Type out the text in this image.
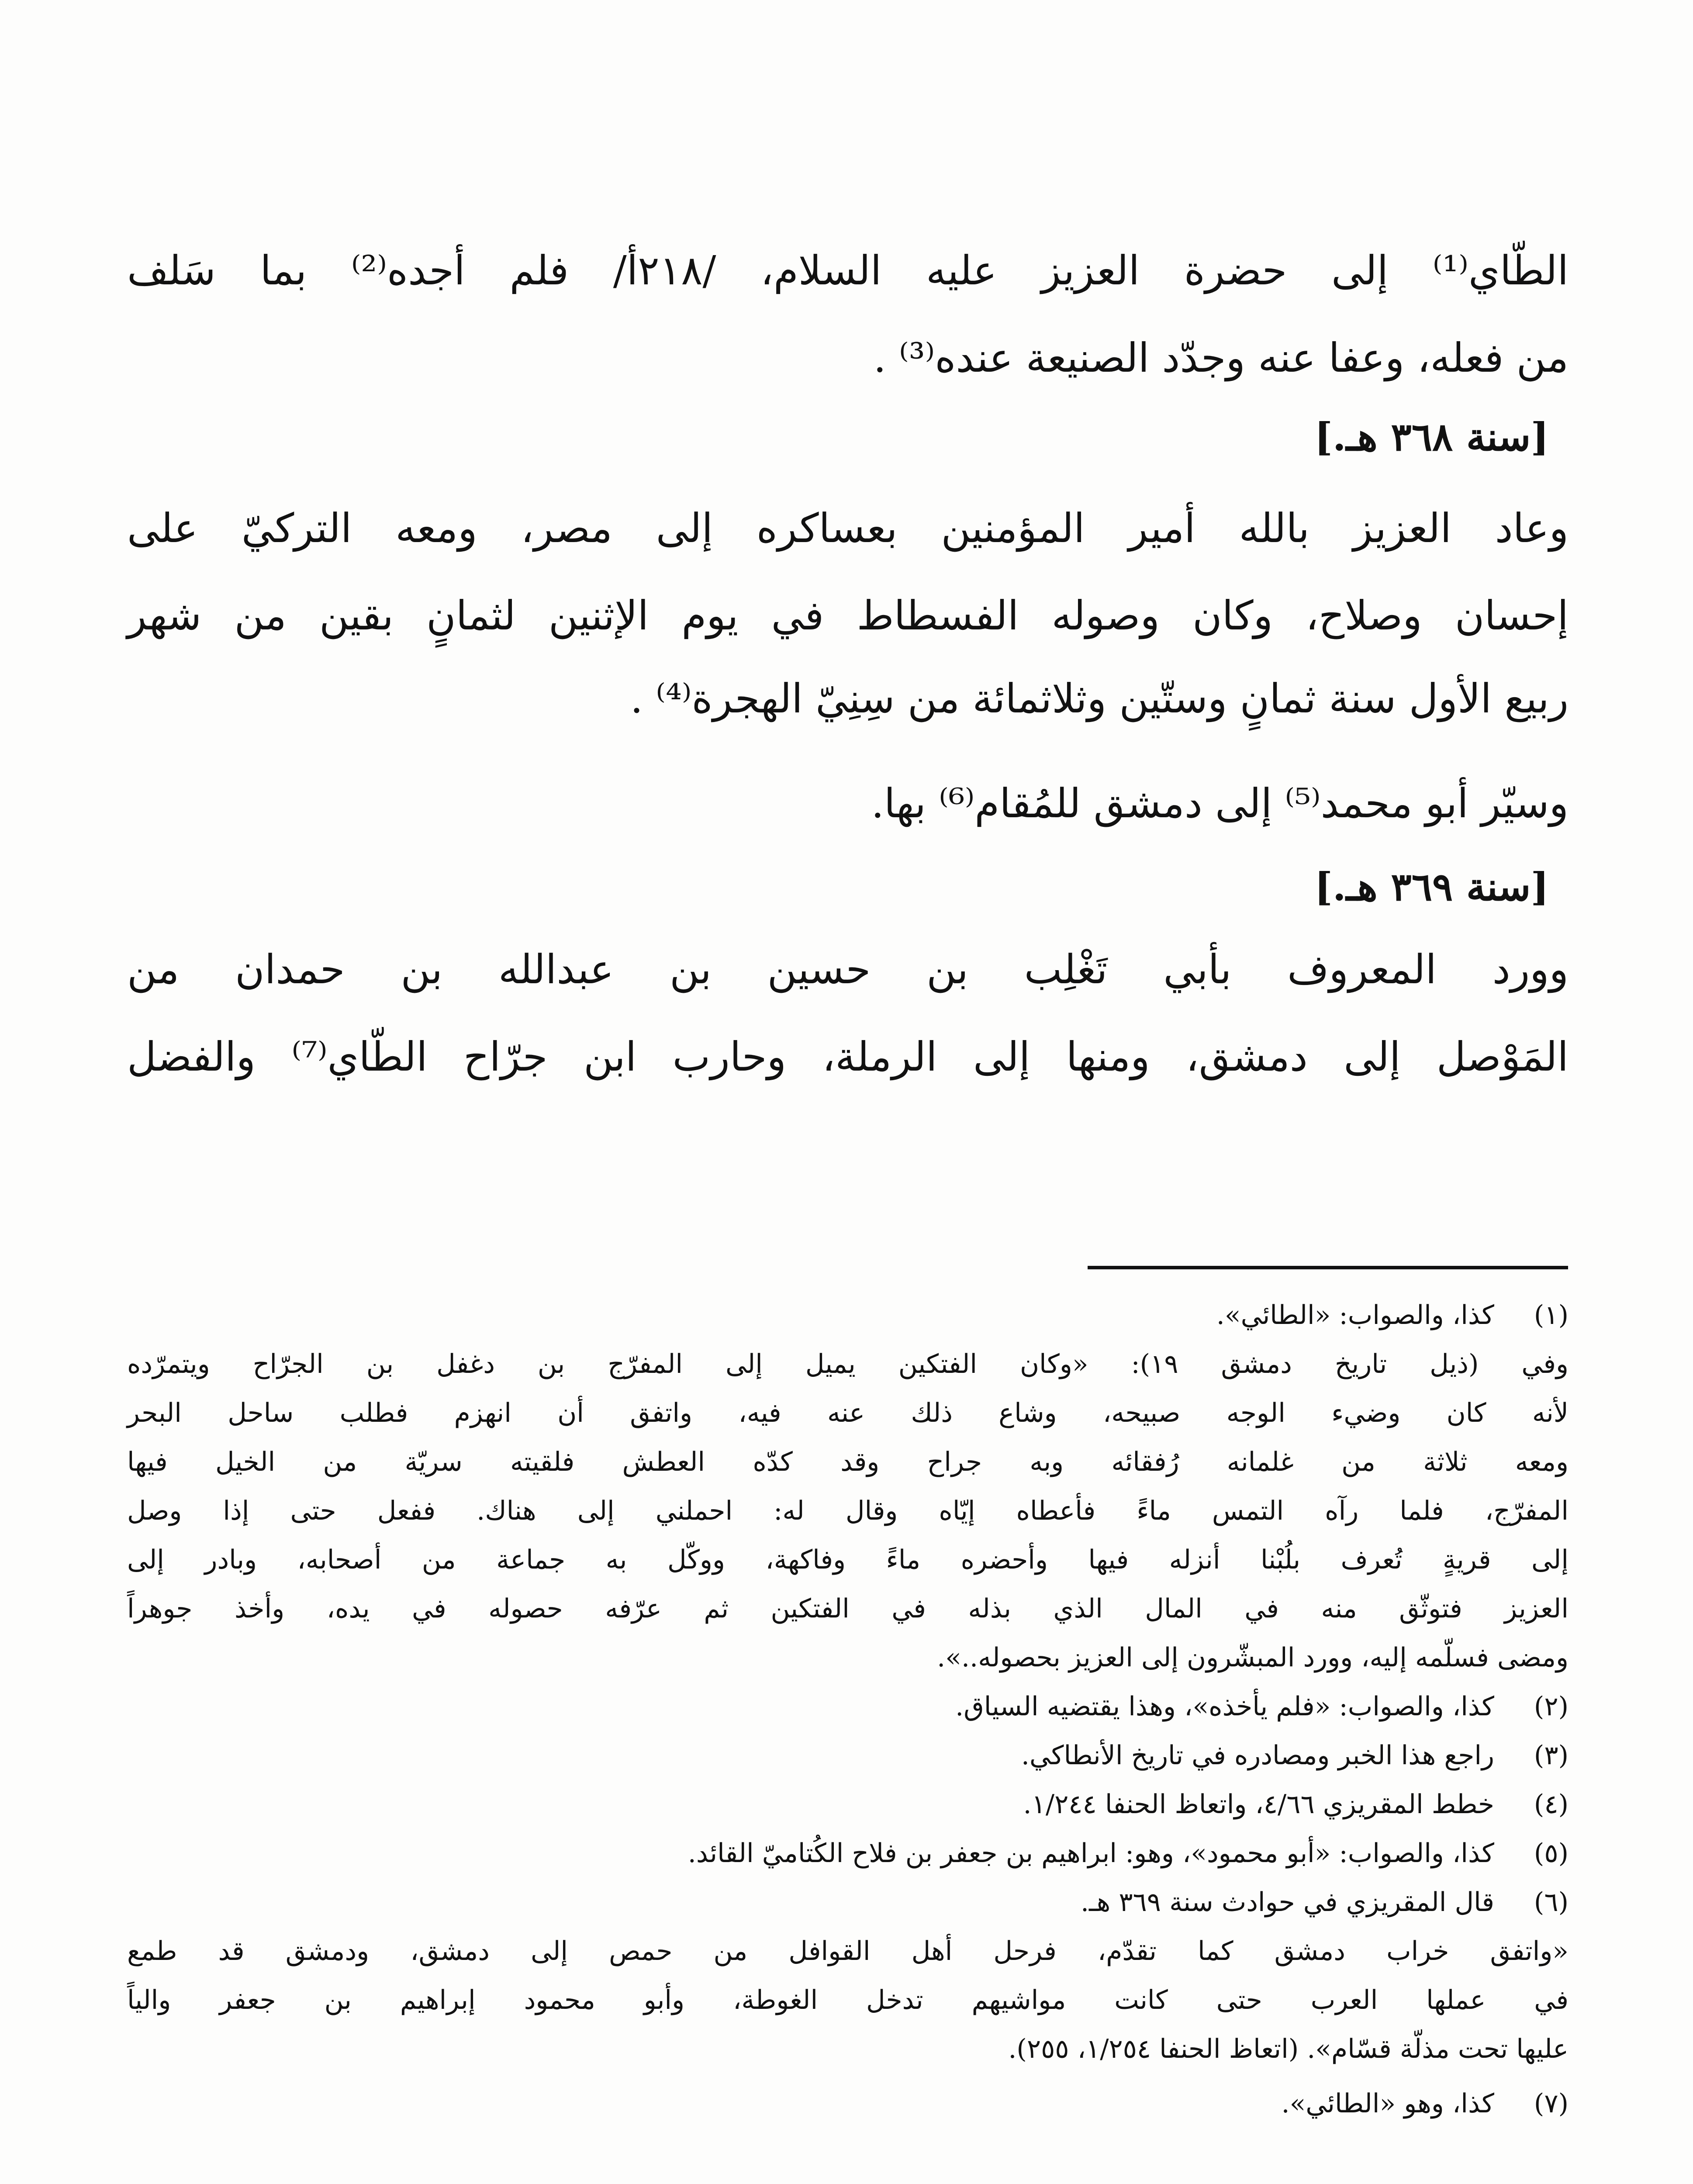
الطّاي⁽¹⁾ إلى حضرة العزيز عليه السلام، /٢١٨أ/ فلم أجده⁽²⁾ بما سَلف
من فعله، وعفا عنه وجدّد الصنيعة عنده⁽³⁾ .
[سنة ٣٦٨ هـ.]
وعاد العزيز بالله أمير المؤمنين بعساكره إلى مصر، ومعه التركيّ على
إحسان وصلاح، وكان وصوله الفسطاط في يوم الإثنين لثمانٍ بقين من شهر
ربيع الأول سنة ثمانٍ وستّين وثلاثمائة من سِنِيّ الهجرة⁽⁴⁾ .
وسيّر أبو محمد⁽⁵⁾ إلى دمشق للمُقام⁽⁶⁾ بها.
[سنة ٣٦٩ هـ.]
وورد المعروف بأبي تَغْلِب بن حسين بن عبدالله بن حمدان من
المَوْصل إلى دمشق، ومنها إلى الرملة، وحارب ابن جرّاح الطّاي⁽⁷⁾ والفضل
(١)
كذا، والصواب: «الطائي».
وفي (ذيل تاريخ دمشق ١٩): «وكان الفتكين يميل إلى المفرّج بن دغفل بن الجرّاح ويتمرّده
لأنه كان وضيء الوجه صبيحه، وشاع ذلك عنه فيه، واتفق أن انهزم فطلب ساحل البحر
ومعه ثلاثة من غلمانه رُفقائه وبه جراح وقد كدّه العطش فلقيته سريّة من الخيل فيها
المفرّج، فلما رآه التمس ماءً فأعطاه إيّاه وقال له: احملني إلى هناك. ففعل حتى إذا وصل
إلى قريةٍ تُعرف بلُبْنا أنزله فيها وأحضره ماءً وفاكهة، ووكّل به جماعة من أصحابه، وبادر إلى
العزيز فتوثّق منه في المال الذي بذله في الفتكين ثم عرّفه حصوله في يده، وأخذ جوهراً
ومضى فسلّمه إليه، وورد المبشّرون إلى العزيز بحصوله..».
(٢)
كذا، والصواب: «فلم يأخذه»، وهذا يقتضيه السياق.
(٣)
راجع هذا الخبر ومصادره في تاريخ الأنطاكي.
(٤)
خطط المقريزي ٤/٦٦، واتعاظ الحنفا ١/٢٤٤.
(٥)
كذا، والصواب: «أبو محمود»، وهو: ابراهيم بن جعفر بن فلاح الكُتاميّ القائد.
(٦)
قال المقريزي في حوادث سنة ٣٦٩ هـ.
«واتفق خراب دمشق كما تقدّم، فرحل أهل القوافل من حمص إلى دمشق، ودمشق قد طمع
في عملها العرب حتى كانت مواشيهم تدخل الغوطة، وأبو محمود إبراهيم بن جعفر والياً
عليها تحت مذلّة قسّام». (اتعاظ الحنفا ١/٢٥٤، ٢٥٥).
(٧)
كذا، وهو «الطائي».
